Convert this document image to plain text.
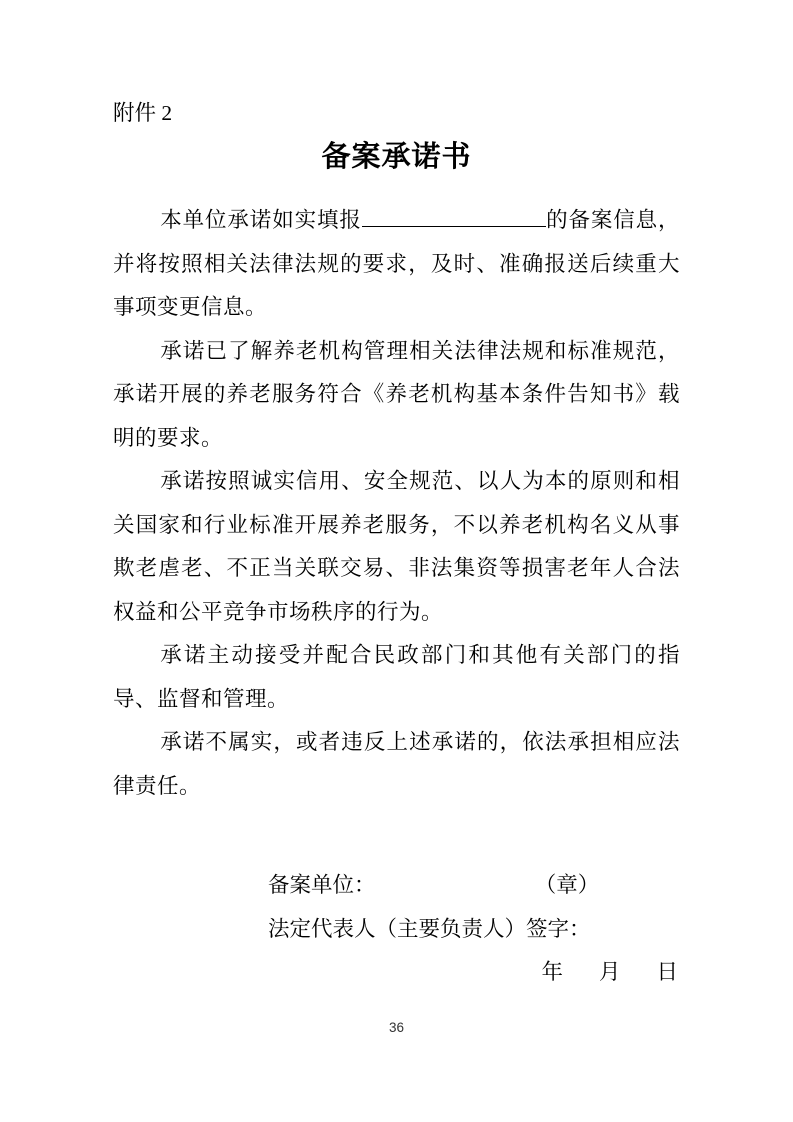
附件 2
备案承诺书

本单位承诺如实填报	的备案信息，并将按照相关法律法规的要求，及时、准确报送后续重大事项变更信息。

承诺已了解养老机构管理相关法律法规和标准规范，承诺开展的养老服务符合《养老机构基本条件告知书》载明的要求。

承诺按照诚实信用、安全规范、以人为本的原则和相关国家和行业标准开展养老服务，不以养老机构名义从事欺老虐老、不正当关联交易、非法集资等损害老年人合法权益和公平竞争市场秩序的行为。

承诺主动接受并配合民政部门和其他有关部门的指导、监督和管理。

承诺不属实，或者违反上述承诺的，依法承担相应法律责任。

备案单位：	（章）
法定代表人（主要负责人）签字：
年 月 日
36
